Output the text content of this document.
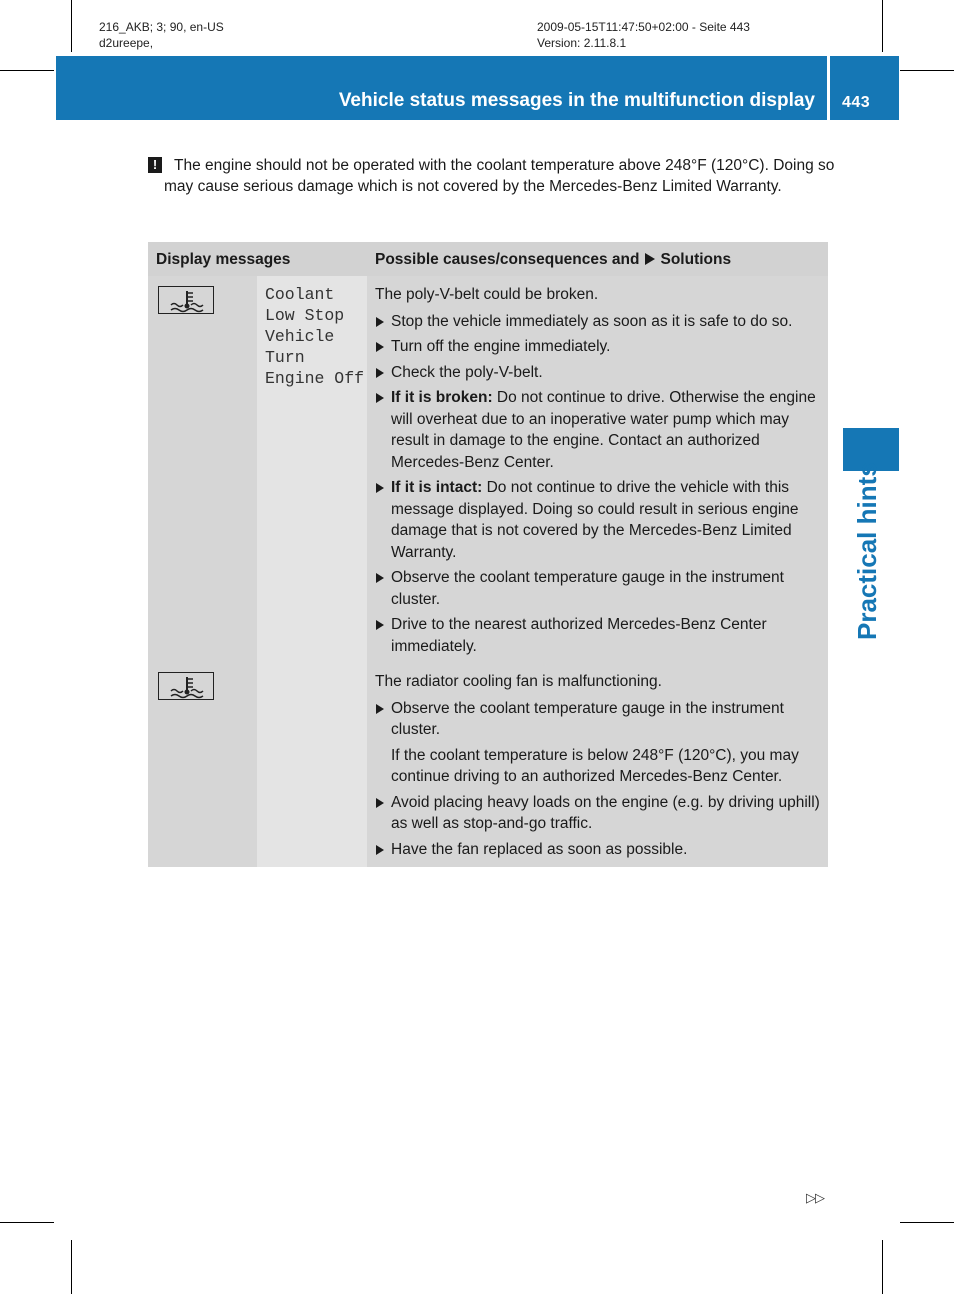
216_AKB; 3; 90, en-US
d2ureepe,
2009-05-15T11:47:50+02:00 - Seite 443
Version: 2.11.8.1
Vehicle status messages in the multifunction display 443
Practical hints
!	The engine should not be operated with the coolant temperature above 248°F (120°C). Doing so may cause serious damage which is not covered by the Mercedes-Benz Limited Warranty.
Display messages	Possible causes/consequences and Solutions
Coolant
Low Stop
Vehicle
Turn
Engine Off

The poly-V-belt could be broken.

Stop the vehicle immediately as soon as it is safe to do so.
Turn off the engine immediately.
Check the poly-V-belt.
If it is broken: Do not continue to drive. Otherwise the engine will overheat due to an inoperative water pump which may result in damage to the engine. Contact an authorized Mercedes-Benz Center.
If it is intact: Do not continue to drive the vehicle with this message displayed. Doing so could result in serious engine damage that is not covered by the Mercedes-Benz Limited Warranty.
Observe the coolant temperature gauge in the instrument cluster.
Drive to the nearest authorized Mercedes-Benz Center immediately.

The radiator cooling fan is malfunctioning.

Observe the coolant temperature gauge in the instrument cluster.
If the coolant temperature is below 248°F (120°C), you may continue driving to an authorized Mercedes-Benz Center.
Avoid placing heavy loads on the engine (e.g. by driving uphill) as well as stop-and-go traffic.
Have the fan replaced as soon as possible.
▷▷
